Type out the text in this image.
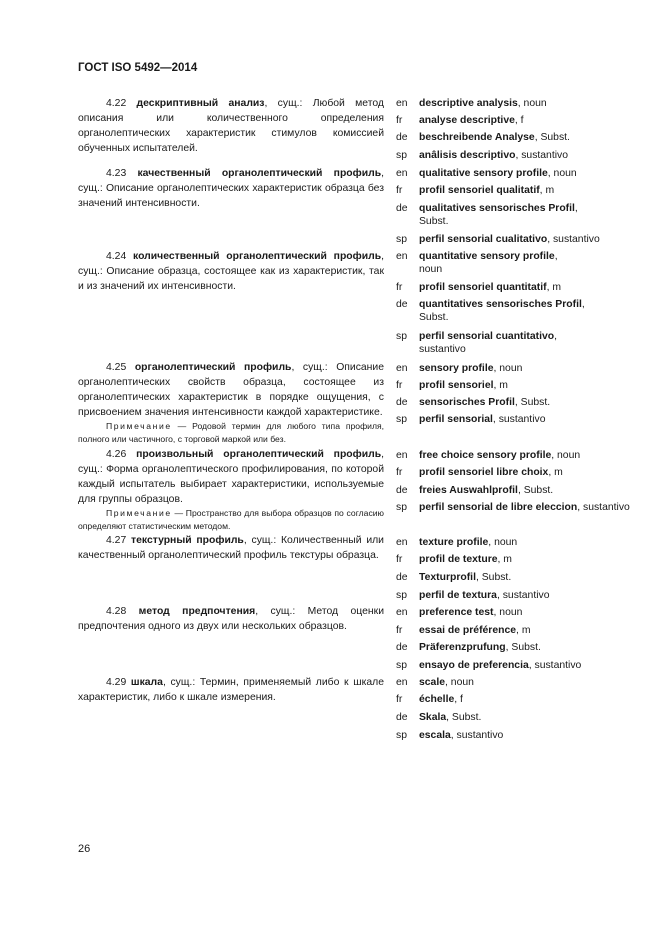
ГОСТ ISO 5492—2014
4.22 дескриптивный анализ, сущ.: Любой метод описания или количественного определения органолептических характеристик стимулов комиссией обученных испытателей.
4.23 качественный органолептический профиль, сущ.: Описание органолептических характеристик образца без значений интенсивности.
4.24 количественный органолептический профиль, сущ.: Описание образца, состоящее как из характеристик, так и из значений их интенсивности.
4.25 органолептический профиль, сущ.: Описание органолептических свойств образца, состоящее из органолептических характеристик в порядке ощущения, с присвоением значения интенсивности каждой характеристике.
Примечание — Родовой термин для любого типа профиля, полного или частичного, с торговой маркой или без.
4.26 произвольный органолептический профиль, сущ.: Форма органолептического профилирования, по которой каждый испытатель выбирает характеристики, используемые для группы образцов.
Примечание — Пространство для выбора образцов по согласию определяют статистическим методом.
4.27 текстурный профиль, сущ.: Количественный или качественный органолептический профиль текстуры образца.
4.28 метод предпочтения, сущ.: Метод оценки предпочтения одного из двух или нескольких образцов.
4.29 шкала, сущ.: Термин, применяемый либо к шкале характеристик, либо к шкале измерения.
en descriptive analysis, noun
fr analyse descriptive, f
de beschreibende Analyse, Subst.
sp anâlisis descriptivo, sustantivo
en qualitative sensory profile, noun
fr profil sensoriel qualitatif, m
de qualitatives sensorisches Profil, Subst.
sp perfil sensorial cualitativo, sustantivo
en quantitative sensory profile, noun
fr profil sensoriel quantitatif, m
de quantitatives sensorisches Profil, Subst.
sp perfil sensorial cuantitativo, sustantivo
en sensory profile, noun
fr profil sensoriel, m
de sensorisches Profil, Subst.
sp perfil sensorial, sustantivo
en free choice sensory profile, noun
fr profil sensoriel libre choix, m
de freies Auswahlprofil, Subst.
sp perfil sensorial de libre eleccion, sustantivo
en texture profile, noun
fr profil de texture, m
de Texturprofil, Subst.
sp perfil de textura, sustantivo
en preference test, noun
fr essai de préférence, m
de Präferenzprufung, Subst.
sp ensayo de preferencia, sustantivo
en scale, noun
fr échelle, f
de Skala, Subst.
sp escala, sustantivo
26
